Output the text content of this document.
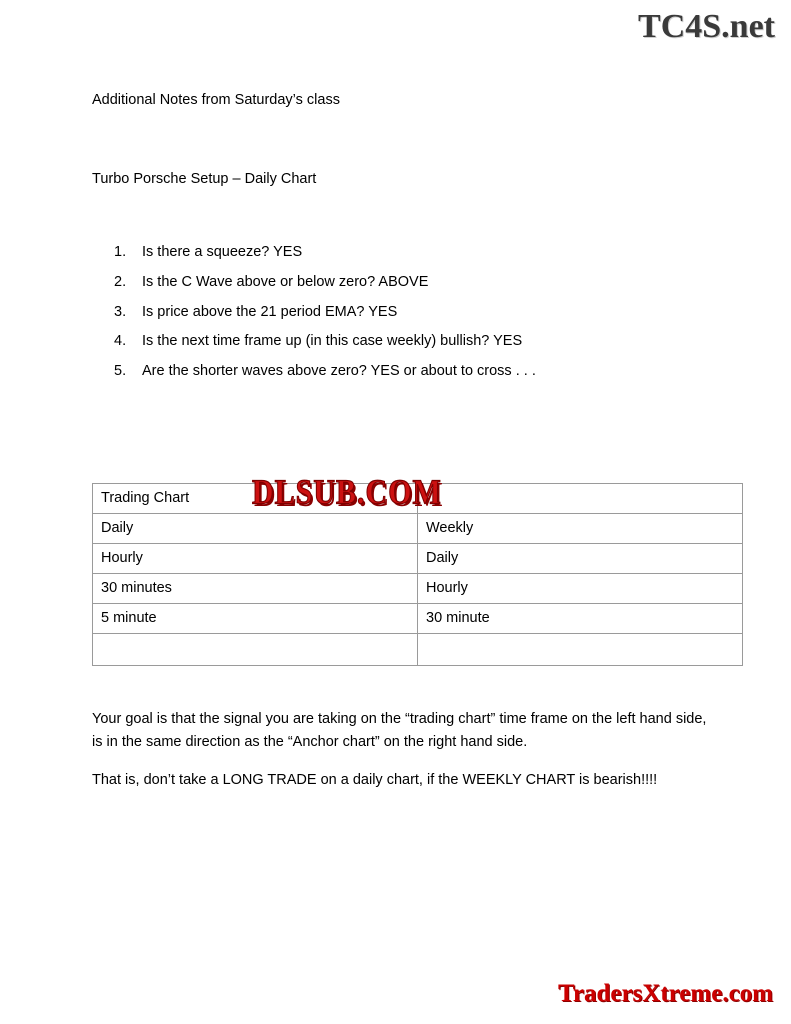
TC4S.net

Additional Notes from Saturday’s class

Turbo Porsche Setup – Daily Chart

1.	Is there a squeeze? YES
2.	Is the C Wave above or below zero? ABOVE
3.	Is price above the 21 period EMA? YES
4.	Is the next time frame up (in this case weekly) bullish? YES
5.	Are the shorter waves above zero? YES or about to cross . . .
Trading Chart	
Daily	Weekly
Hourly	Daily
30 minutes	Hourly
5 minute	30 minute

DLSUB.COM

Your goal is that the signal you are taking on the “trading chart” time frame on the left hand side, is in the same direction as the “Anchor chart” on the right hand side.

That is, don’t take a LONG TRADE on a daily chart, if the WEEKLY CHART is bearish!!!!

TradersXtreme.com
